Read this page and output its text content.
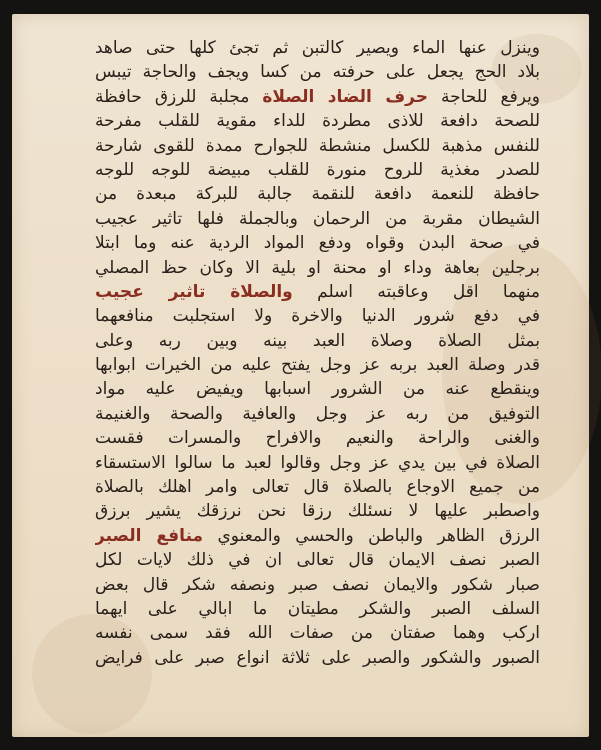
وينزل عنها الماء ويصير كالتبن ثم تجئ كلها حتى صاهد
بلاد الحج يجعل على حرفته من كسا ويجف والحاجة تيبس
ويرفع للحاجة حرف الضاد الصلاة مجلبة للرزق حافظة
للصحة دافعة للاذى مطردة للداء مقوية للقلب مفرحة
للنفس مذهبة للكسل منشطة للجوارح ممدة للقوى شارحة
للصدر مغذية للروح منورة للقلب مبيضة للوجه للوجه
حافظة للنعمة دافعة للنقمة جالبة للبركة مبعدة من
الشيطان مقربة من الرحمان وبالجملة فلها تاثير عجيب
في صحة البدن وقواه ودفع المواد الردية عنه وما ابتلا
برجلين بعاهة وداء او محنة او بلية الا وكان حظ المصلي
منهما اقل وعاقبته اسلم والصلاة تاثير عجيب
في دفع شرور الدنيا والاخرة ولا استجلبت منافعهما
بمثل الصلاة وصلاة العبد بينه وبين ربه وعلى
قدر وصلة العبد بربه عز وجل يفتح عليه من الخيرات ابوابها
وينقطع عنه من الشرور اسبابها ويفيض عليه مواد
التوفيق من ربه عز وجل والعافية والصحة والغنيمة
والغنى والراحة والنعيم والافراح والمسرات فقست
الصلاة في بين يدي عز وجل وقالوا لعبد ما سالوا الاستسقاء
من جميع الاوجاع بالصلاة قال تعالى وامر اهلك بالصلاة
واصطبر عليها لا نسئلك رزقا نحن نرزقك يشير برزق
الرزق الظاهر والباطن والحسي والمعنوي منافع الصبر
الصبر نصف الايمان قال تعالى ان في ذلك لايات لكل
صبار شكور والايمان نصف صبر ونصفه شكر قال بعض
السلف الصبر والشكر مطيتان ما ابالي على ايهما
اركب وهما صفتان من صفات الله فقد سمى نفسه
الصبور والشكور والصبر على ثلاثة انواع صبر على فرايض
